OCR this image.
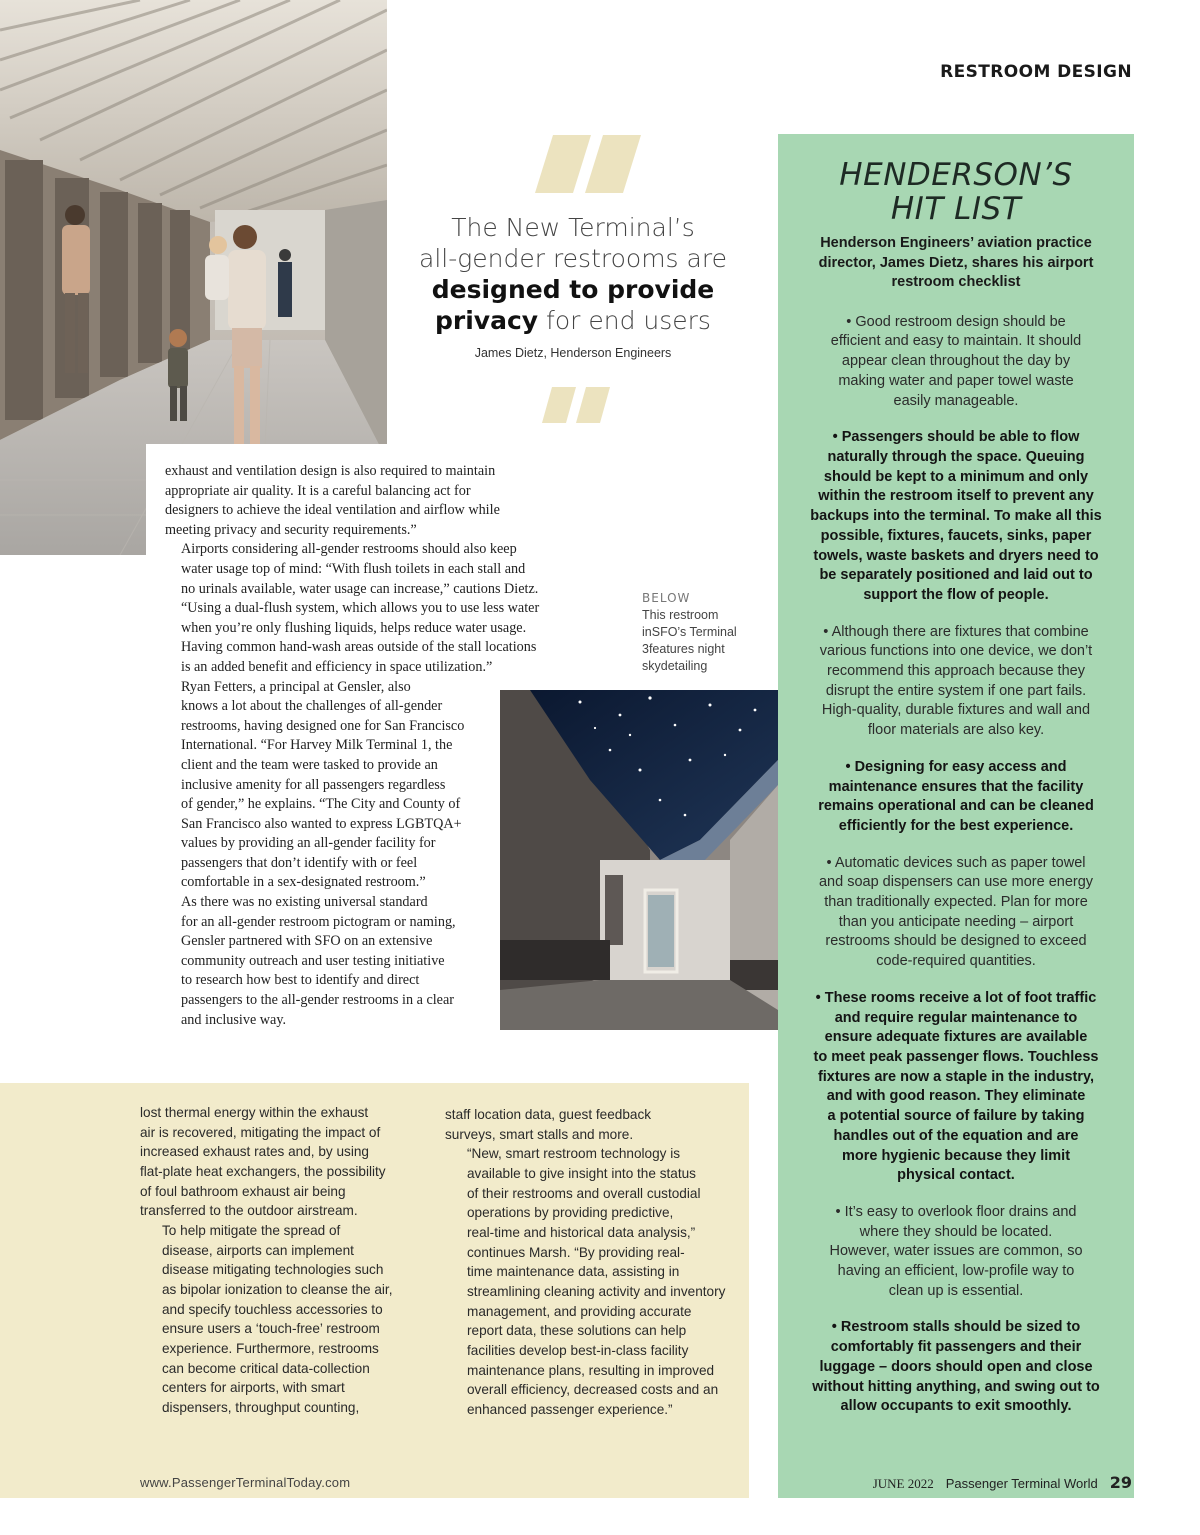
RESTROOM DESIGN
The New Terminal’s
all-gender restrooms are
designed to provide
privacy for end users
James Dietz, Henderson Engineers

exhaust and ventilation design is also required to maintain
appropriate air quality. It is a careful balancing act for
designers to achieve the ideal ventilation and airflow while
meeting privacy and security requirements.”

Airports considering all-gender restrooms should also keep
water usage top of mind: “With flush toilets in each stall and
no urinals available, water usage can increase,” cautions Dietz.
“Using a dual-flush system, which allows you to use less water
when you’re only flushing liquids, helps reduce water usage.
Having common hand-wash areas outside of the stall locations
is an added benefit and efficiency in space utilization.”

Ryan Fetters, a principal at Gensler, also
knows a lot about the challenges of all-gender
restrooms, having designed one for San Francisco
International. “For Harvey Milk Terminal 1, the
client and the team were tasked to provide an
inclusive amenity for all passengers regardless
of gender,” he explains. “The City and County of
San Francisco also wanted to express LGBTQA+
values by providing an all-gender facility for
passengers that don’t identify with or feel
comfortable in a sex-designated restroom.”

As there was no existing universal standard
for an all-gender restroom pictogram or naming,
Gensler partnered with SFO on an extensive
community outreach and user testing initiative
to research how best to identify and direct
passengers to the all-gender restrooms in a clear
and inclusive way.

BELOW
This restroom inSFO’s Terminal 3features night skydetailing
HENDERSON’S
HIT LIST
Henderson Engineers’ aviation practice
director, James Dietz, shares his airport
restroom checklist
• Good restroom design should be
efficient and easy to maintain. It should
appear clean throughout the day by
making water and paper towel waste
easily manageable.
• Passengers should be able to flow
naturally through the space. Queuing
should be kept to a minimum and only
within the restroom itself to prevent any
backups into the terminal. To make all this
possible, fixtures, faucets, sinks, paper
towels, waste baskets and dryers need to
be separately positioned and laid out to
support the flow of people.
• Although there are fixtures that combine
various functions into one device, we don’t
recommend this approach because they
disrupt the entire system if one part fails.
High-quality, durable fixtures and wall and
floor materials are also key.
• Designing for easy access and
maintenance ensures that the facility
remains operational and can be cleaned
efficiently for the best experience.
• Automatic devices such as paper towel
and soap dispensers can use more energy
than traditionally expected. Plan for more
than you anticipate needing – airport
restrooms should be designed to exceed
code-required quantities.
• These rooms receive a lot of foot traffic
and require regular maintenance to
ensure adequate fixtures are available
to meet peak passenger flows. Touchless
fixtures are now a staple in the industry,
and with good reason. They eliminate
a potential source of failure by taking
handles out of the equation and are
more hygienic because they limit
physical contact.
• It’s easy to overlook floor drains and
where they should be located.
However, water issues are common, so
having an efficient, low-profile way to
clean up is essential.
• Restroom stalls should be sized to
comfortably fit passengers and their
luggage – doors should open and close
without hitting anything, and swing out to
allow occupants to exit smoothly.

lost thermal energy within the exhaust
air is recovered, mitigating the impact of
increased exhaust rates and, by using
flat-plate heat exchangers, the possibility
of foul bathroom exhaust air being
transferred to the outdoor airstream.

To help mitigate the spread of
disease, airports can implement
disease mitigating technologies such
as bipolar ionization to cleanse the air,
and specify touchless accessories to
ensure users a ‘touch-free’ restroom
experience. Furthermore, restrooms
can become critical data-collection
centers for airports, with smart
dispensers, throughput counting,

staff location data, guest feedback
surveys, smart stalls and more.

“New, smart restroom technology is
available to give insight into the status
of their restrooms and overall custodial
operations by providing predictive,
real-time and historical data analysis,”
continues Marsh. “By providing real-
time maintenance data, assisting in
streamlining cleaning activity and inventory
management, and providing accurate
report data, these solutions can help
facilities develop best-in-class facility
maintenance plans, resulting in improved
overall efficiency, decreased costs and an
enhanced passenger experience.”

www.PassengerTerminalToday.com	JUNE 2022 Passenger Terminal World 29
